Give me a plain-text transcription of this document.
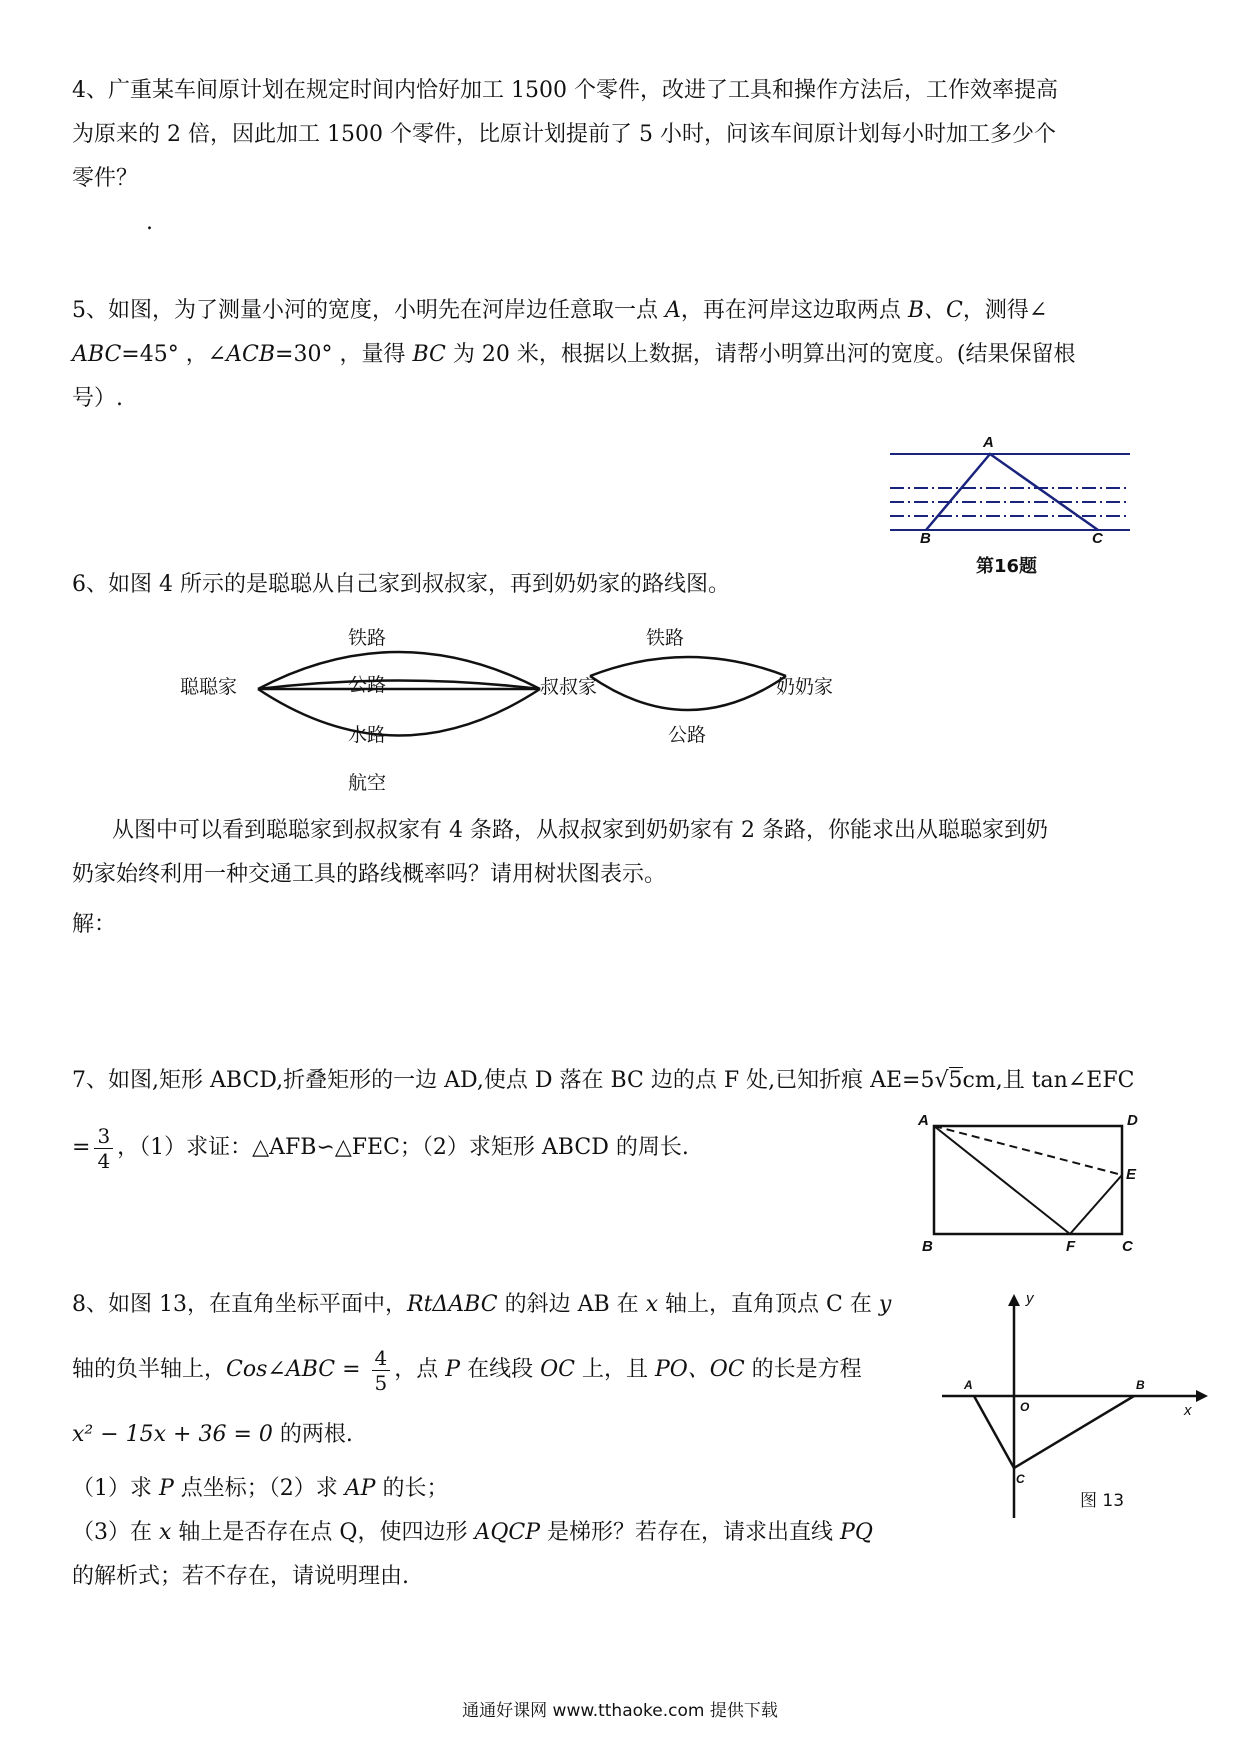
4、广重某车间原计划在规定时间内恰好加工 1500 个零件，改进了工具和操作方法后，工作效率提高
为原来的 2 倍，因此加工 1500 个零件，比原计划提前了 5 小时，问该车间原计划每小时加工多少个
零件？
.
5、如图，为了测量小河的宽度，小明先在河岸边任意取一点 A，再在河岸这边取两点 B、C，测得∠
ABC=45° ，∠ACB=30° ，量得 BC 为 20 米，根据以上数据，请帮小明算出河的宽度。(结果保留根
号）.
A
B	C
第16题
6、如图 4 所示的是聪聪从自己家到叔叔家，再到奶奶家的路线图。
聪聪家	叔叔家	奶奶家
铁路
公路
水路
航空
铁路
公路
从图中可以看到聪聪家到叔叔家有 4 条路，从叔叔家到奶奶家有 2 条路，你能求出从聪聪家到奶
奶家始终利用一种交通工具的路线概率吗？请用树状图表示。
解：
7、如图,矩形 ABCD,折叠矩形的一边 AD,使点 D 落在 BC 边的点 F 处,已知折痕 AE=5√5cm,且 tan∠EFC
= $\frac{3}{4}$ ，（1）求证：△AFB∽△FEC；（2）求矩形 ABCD 的周长.
A	D
E
B	F	C
8、如图 13，在直角坐标平面中，RtΔABC 的斜边 AB 在 x 轴上，直角顶点 C 在 y
轴的负半轴上，Cos∠ABC = $\frac{4}{5}$ ，点 P 在线段 OC 上，且 PO、OC 的长是方程
x² − 15x + 36 = 0 的两根.
（1）求 P 点坐标；（2）求 AP 的长；
（3）在 x 轴上是否存在点 Q，使四边形 AQCP 是梯形？若存在，请求出直线 PQ
的解析式；若不存在，请说明理由.
A	B
O
C
x
y
图 13
通通好课网 www.tthaoke.com 提供下载
